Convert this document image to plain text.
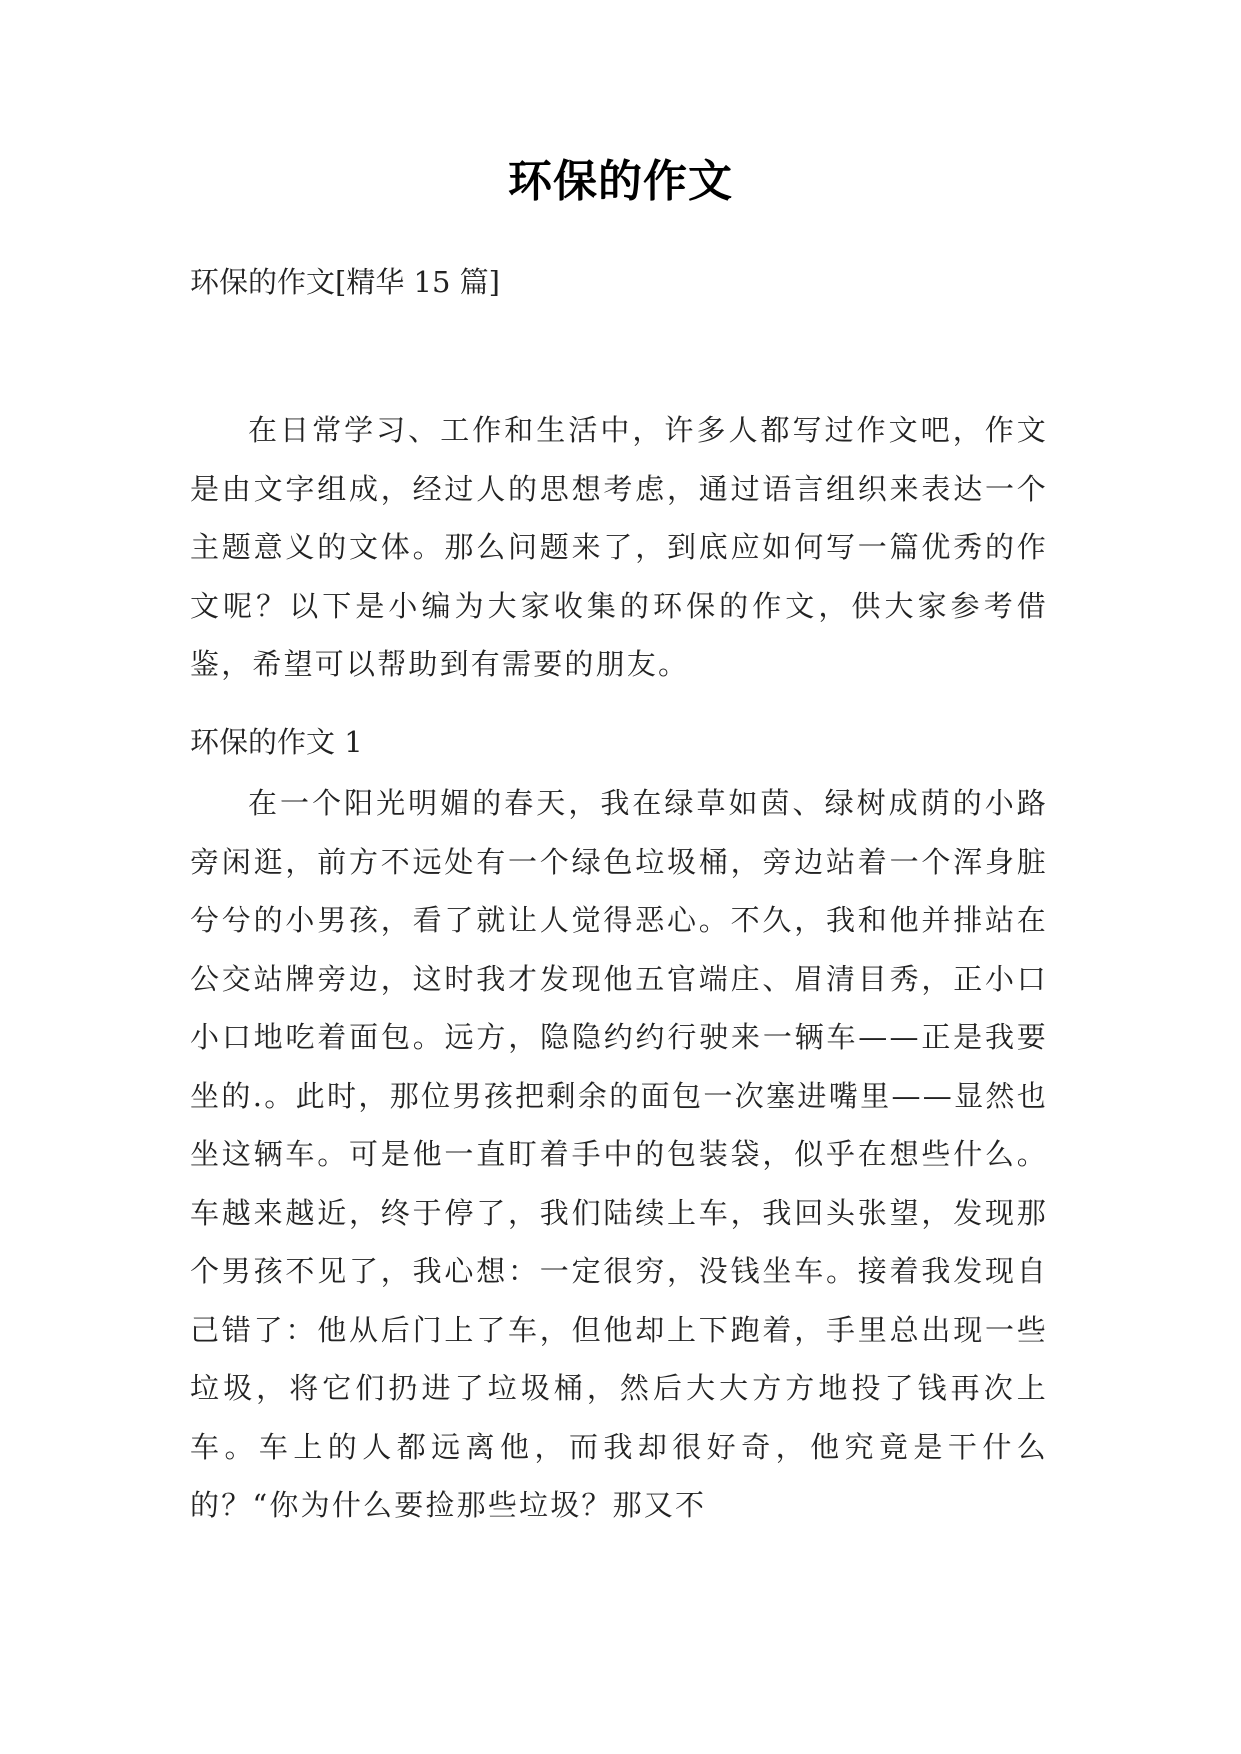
环保的作文
环保的作文[精华 15 篇]

在日常学习、工作和生活中，许多人都写过作文吧，作文是由文字组成，经过人的思想考虑，通过语言组织来表达一个主题意义的文体。那么问题来了，到底应如何写一篇优秀的作文呢？以下是小编为大家收集的环保的作文，供大家参考借鉴，希望可以帮助到有需要的朋友。

环保的作文 1

在一个阳光明媚的春天，我在绿草如茵、绿树成荫的小路旁闲逛，前方不远处有一个绿色垃圾桶，旁边站着一个浑身脏兮兮的小男孩，看了就让人觉得恶心。不久，我和他并排站在公交站牌旁边，这时我才发现他五官端庄、眉清目秀，正小口小口地吃着面包。远方，隐隐约约行驶来一辆车——正是我要坐的.。此时，那位男孩把剩余的面包一次塞进嘴里——显然也坐这辆车。可是他一直盯着手中的包装袋，似乎在想些什么。车越来越近，终于停了，我们陆续上车，我回头张望，发现那个男孩不见了，我心想：一定很穷，没钱坐车。接着我发现自己错了：他从后门上了车，但他却上下跑着，手里总出现一些垃圾，将它们扔进了垃圾桶，然后大大方方地投了钱再次上车。车上的人都远离他，而我却很好奇，他究竟是干什么的？“你为什么要捡那些垃圾？那又不
